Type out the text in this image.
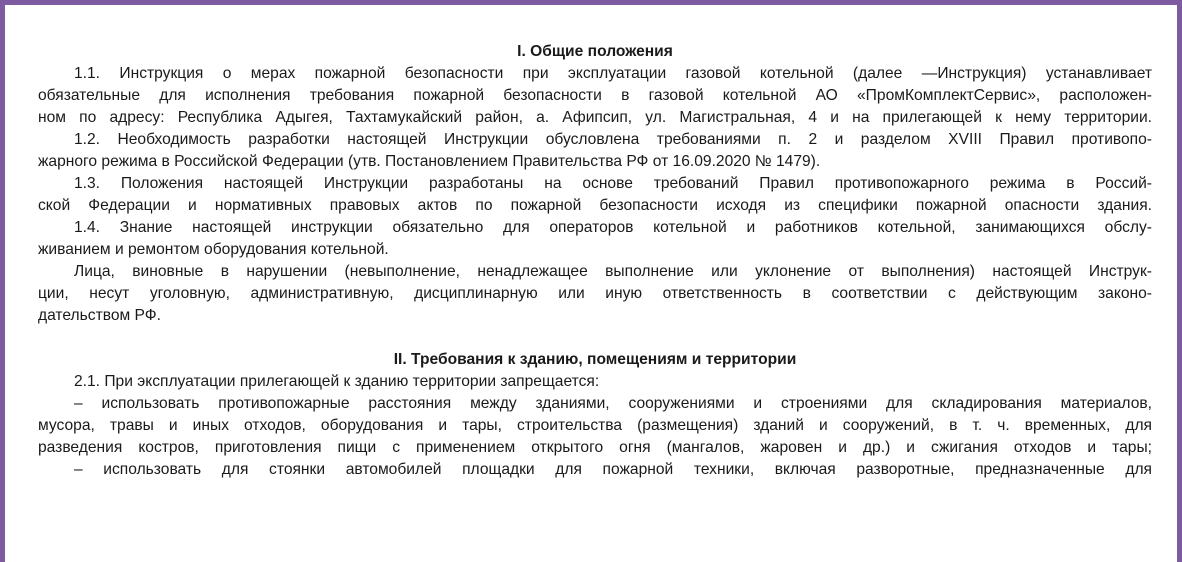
I. Общие положения
1.1. Инструкция о мерах пожарной безопасности при эксплуатации газовой котельной (далее —Инструкция) устанавливает
обязательные для исполнения требования пожарной безопасности в газовой котельной АО «ПромКомплектСервис», расположен-
ном по адресу: Республика Адыгея, Тахтамукайский район, а. Афипсип, ул. Магистральная, 4 и на прилегающей к нему территории.
1.2. Необходимость разработки настоящей Инструкции обусловлена требованиями п. 2 и разделом XVIII Правил противопо-
жарного режима в Российской Федерации (утв. Постановлением Правительства РФ от 16.09.2020 № 1479).
1.3. Положения настоящей Инструкции разработаны на основе требований Правил противопожарного режима в Россий-
ской Федерации и нормативных правовых актов по пожарной безопасности исходя из специфики пожарной опасности здания.
1.4. Знание настоящей инструкции обязательно для операторов котельной и работников котельной, занимающихся обслу-
живанием и ремонтом оборудования котельной.
Лица, виновные в нарушении (невыполнение, ненадлежащее выполнение или уклонение от выполнения) настоящей Инструк-
ции, несут уголовную, административную, дисциплинарную или иную ответственность в соответствии с действующим законо-
дательством РФ.
II. Требования к зданию, помещениям и территории
2.1. При эксплуатации прилегающей к зданию территории запрещается:
– использовать противопожарные расстояния между зданиями, сооружениями и строениями для складирования материалов,
мусора, травы и иных отходов, оборудования и тары, строительства (размещения) зданий и сооружений, в т. ч. временных, для
разведения костров, приготовления пищи с применением открытого огня (мангалов, жаровен и др.) и сжигания отходов и тары;
– использовать для стоянки автомобилей площадки для пожарной техники, включая разворотные, предназначенные для
